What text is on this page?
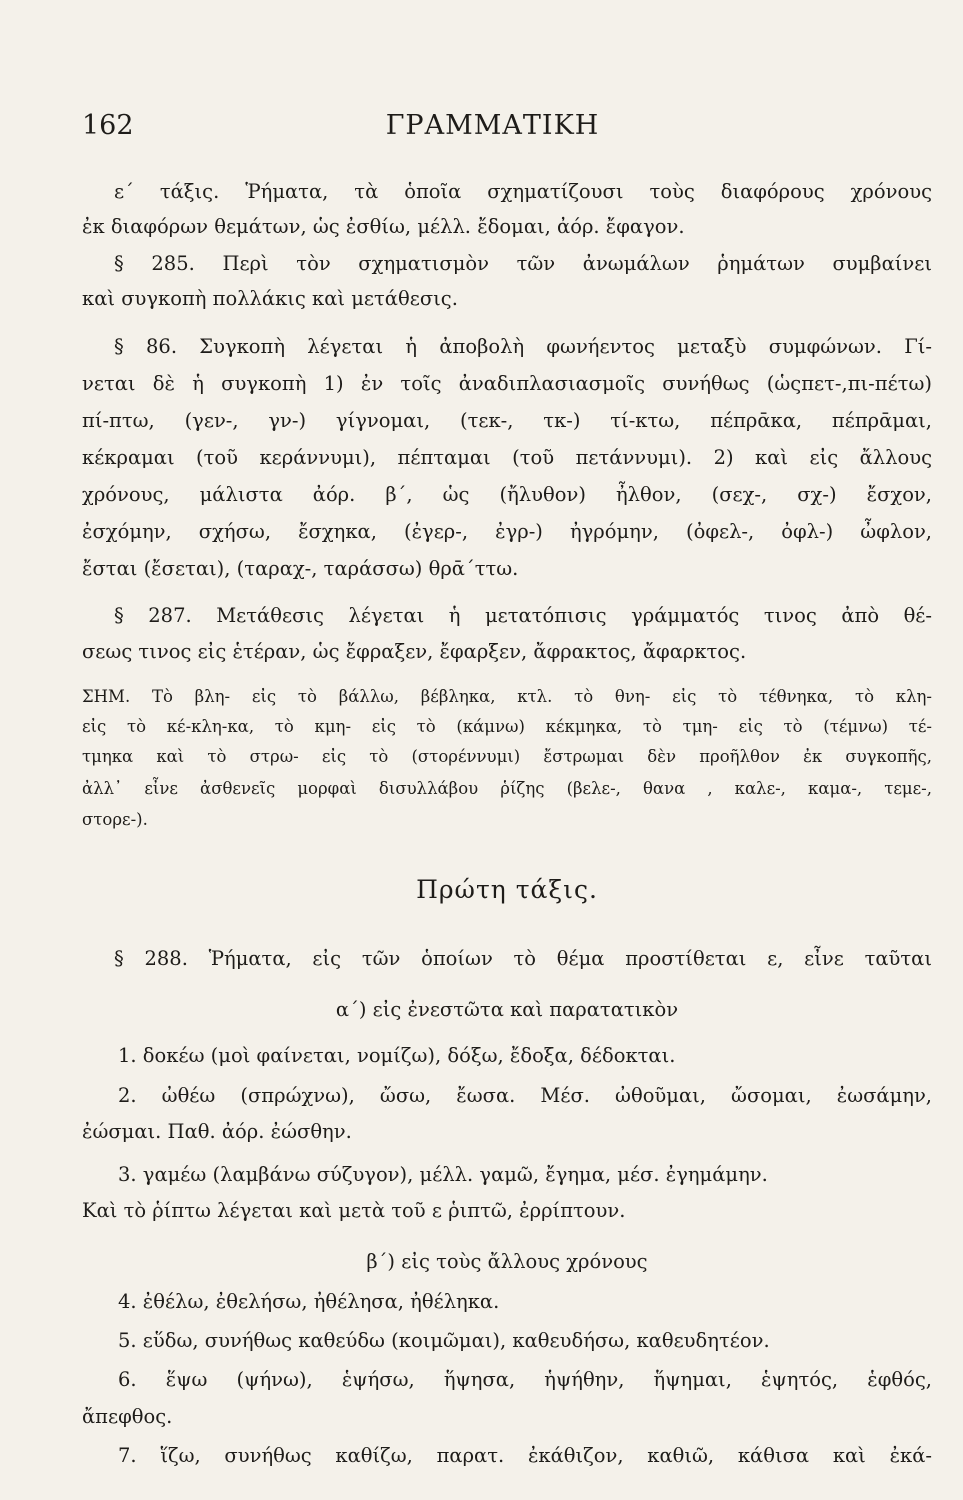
162	ΓΡΑΜΜΑΤΙΚΗ
ε´ τάξις. Ῥήματα, τὰ ὁποῖα σχηματίζουσι τοὺς διαφόρους χρόνους
ἐκ διαφόρων θεμάτων, ὡς ἐσθίω, μέλλ. ἔδομαι, ἀόρ. ἔφαγον.
§ 285. Περὶ τὸν σχηματισμὸν τῶν ἀνωμάλων ῥημάτων συμβαίνει
καὶ συγκοπὴ πολλάκις καὶ μετάθεσις.
§ 86. Συγκοπὴ λέγεται ἡ ἀποβολὴ φωνήεντος μεταξὺ συμφώνων. Γί-
νεται δὲ ἡ συγκοπὴ 1) ἐν τοῖς ἀναδιπλασιασμοῖς συνήθως (ὡςπετ-,πι-πέτω)
πί-πτω, (γεν-, γν-) γίγνομαι, (τεκ-, τκ-) τί-κτω, πέπρᾱκα, πέπρᾱμαι,
κέκραμαι (τοῦ κεράννυμι), πέπταμαι (τοῦ πετάννυμι). 2) καὶ εἰς ἄλλους
χρόνους, μάλιστα ἀόρ. β´, ὡς (ἤλυθον) ἦλθον, (σεχ-, σχ-) ἔσχον,
ἐσχόμην, σχήσω, ἔσχηκα, (ἐγερ-, ἐγρ-) ἠγρόμην, (ὀφελ-, ὀφλ-) ὦφλον,
ἔσται (ἔσεται), (ταραχ-, ταράσσω) θρᾱ´ττω.
§ 287. Μετάθεσις λέγεται ἡ μετατόπισις γράμματός τινος ἀπὸ θέ-
σεως τινος εἰς ἑτέραν, ὡς ἔφραξεν, ἔφαρξεν, ἄφρακτος, ἄφαρκτος.
ΣΗΜ. Τὸ βλη- εἰς τὸ βάλλω, βέβληκα, κτλ. τὸ θνη- εἰς τὸ τέθνηκα, τὸ κλη-
εἰς τὸ κέ-κλη-κα, τὸ κμη- εἰς τὸ (κάμνω) κέκμηκα, τὸ τμη- εἰς τὸ (τέμνω) τέ-
τμηκα καὶ τὸ στρω- εἰς τὸ (στορέννυμι) ἔστρωμαι δὲν προῆλθον ἐκ συγκοπῆς,
ἀλλ᾽ εἶνε ἀσθενεῖς μορφαὶ δισυλλάβου ῥίζης (βελε-, θανα , καλε-, καμα-, τεμε-,
στορε-).
Πρώτη τάξις.
§ 288. Ῥήματα, εἰς τῶν ὁποίων τὸ θέμα προστίθεται ε, εἶνε ταῦται
α´) εἰς ἐνεστῶτα καὶ παρατατικὸν
1. δοκέω (μοὶ φαίνεται, νομίζω), δόξω, ἔδοξα, δέδοκται.
2. ὠθέω (σπρώχνω), ὤσω, ἔωσα. Μέσ. ὠθοῦμαι, ὤσομαι, ἐωσάμην,
ἐώσμαι. Παθ. ἀόρ. ἐώσθην.
3. γαμέω (λαμβάνω σύζυγον), μέλλ. γαμῶ, ἔγημα, μέσ. ἐγημάμην.
Καὶ τὸ ῥίπτω λέγεται καὶ μετὰ τοῦ ε ῥιπτῶ, ἐρρίπτουν.
β´) εἰς τοὺς ἄλλους χρόνους
4. ἐθέλω, ἐθελήσω, ἠθέλησα, ἠθέληκα.
5. εὕδω, συνήθως καθεύδω (κοιμῶμαι), καθευδήσω, καθευδητέον.
6. ἕψω (ψήνω), ἑψήσω, ἥψησα, ἡψήθην, ἥψημαι, ἑψητός, ἑφθός,
ἄπεφθος.
7. ἵζω, συνήθως καθίζω, παρατ. ἐκάθιζον, καθιῶ, κάθισα καὶ ἐκά-
